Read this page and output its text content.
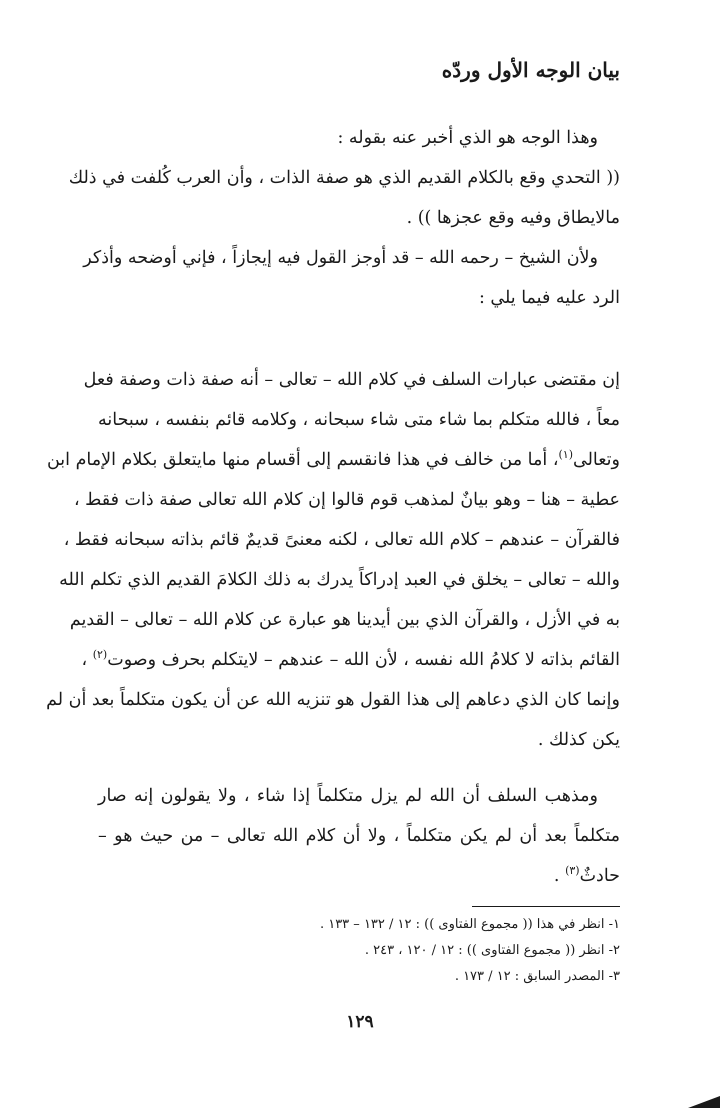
بيان الوجه الأول وردّه
وهذا الوجه هو الذي أخبر عنه بقوله :
(( التحدي وقع بالكلام القديم الذي هو صفة الذات ، وأن العرب كُلفت في ذلك
مالايطاق وفيه وقع عجزها )) .
ولأن الشيخ – رحمه الله – قد أوجز القول فيه إيجازاً ، فإني أوضحه وأذكر
الرد عليه فيما يلي :
إن مقتضى عبارات السلف في كلام الله – تعالى – أنه صفة ذات وصفة فعل
معاً ، فالله متكلم بما شاء متى شاء سبحانه ، وكلامه قائم بنفسه ، سبحانه
وتعالى$^{(١)}$، أما من خالف في هذا فانقسم إلى أقسام منها مايتعلق بكلام الإمام ابن
عطية – هنا – وهو بيانٌ لمذهب قوم قالوا إن كلام الله تعالى صفة ذات فقط ،
فالقرآن – عندهم – كلام الله تعالى ، لكنه معنىً قديمٌ قائم بذاته سبحانه فقط ،
والله – تعالى – يخلق في العبد إدراكاً يدرك به ذلك الكلامَ القديم الذي تكلم الله
به في الأزل ، والقرآن الذي بين أيدينا هو عبارة عن كلام الله – تعالى – القديم
القائم بذاته لا كلامُ الله نفسه ، لأن الله – عندهم – لايتكلم بحرف وصوت$^{(٢)}$ ،
وإنما كان الذي دعاهم إلى هذا القول هو تنزيه الله عن أن يكون متكلماً بعد أن لم
يكن كذلك .
ومذهب السلف أن الله لم يزل متكلماً إذا شاء ، ولا يقولون إنه صار
متكلماً بعد أن لم يكن متكلماً ، ولا أن كلام الله تعالى – من حيث هو –
حادثٌ$^{(٣)}$ .
١- انظر في هذا (( مجموع الفتاوى )) : ١٢ / ١٣٢ – ١٣٣ .
٢- انظر (( مجموع الفتاوى )) : ١٢ / ١٢٠ ، ٢٤٣ .
٣- المصدر السابق : ١٢ / ١٧٣ .
١٢٩
